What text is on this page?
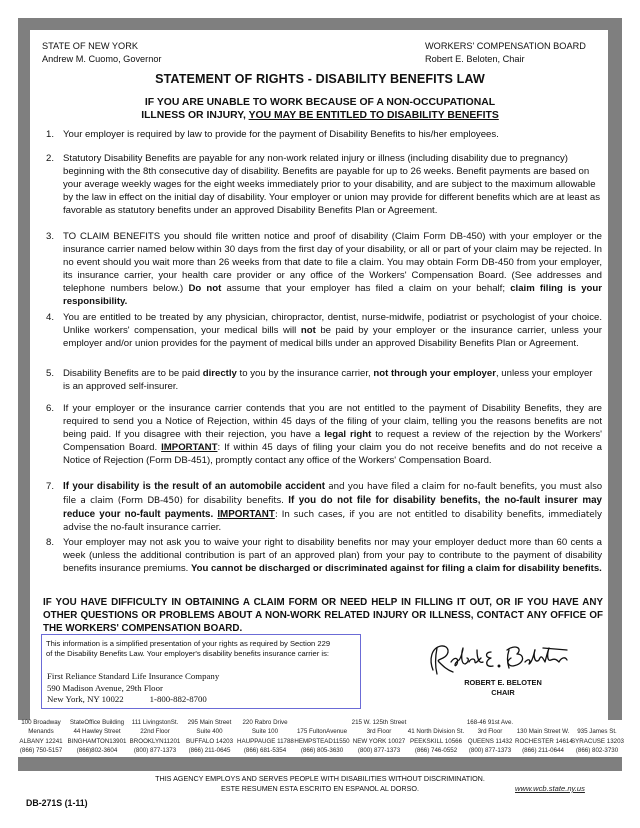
STATE OF NEW YORK
Andrew M. Cuomo, Governor
WORKERS' COMPENSATION BOARD
Robert E. Beloten, Chair
STATEMENT OF RIGHTS - DISABILITY BENEFITS LAW
IF YOU ARE UNABLE TO WORK BECAUSE OF A NON-OCCUPATIONAL
ILLNESS OR INJURY, YOU MAY BE ENTITLED TO DISABILITY BENEFITS
1. Your employer is required by law to provide for the payment of Disability Benefits to his/her employees.
2. Statutory Disability Benefits are payable for any non-work related injury or illness (including disability due to pregnancy) beginning with the 8th consecutive day of disability. Benefits are payable for up to 26 weeks. Benefit payments are based on your average weekly wages for the eight weeks immediately prior to your disability, and are subject to the maximum allowable by the law in effect on the initial day of disability. Your employer or union may provide for different benefits which are at least as favorable as statutory benefits under an approved Disability Benefits Plan or Agreement.
3. TO CLAIM BENEFITS you should file written notice and proof of disability (Claim Form DB-450) with your employer or the insurance carrier named below within 30 days from the first day of your disability, or all or part of your claim may be rejected. In no event should you wait more than 26 weeks from that date to file a claim. You may obtain Form DB-450 from your employer, its insurance carrier, your health care provider or any office of the Workers' Compensation Board. (See addresses and telephone numbers below.) Do not assume that your employer has filed a claim on your behalf; claim filing is your responsibility.
4. You are entitled to be treated by any physician, chiropractor, dentist, nurse-midwife, podiatrist or psychologist of your choice. Unlike workers' compensation, your medical bills will not be paid by your employer or the insurance carrier, unless your employer and/or union provides for the payment of medical bills under an approved Disability Benefits Plan or Agreement.
5. Disability Benefits are to be paid directly to you by the insurance carrier, not through your employer, unless your employer is an approved self-insurer.
6. If your employer or the insurance carrier contends that you are not entitled to the payment of Disability Benefits, they are required to send you a Notice of Rejection, within 45 days of the filing of your claim, telling you the reasons benefits are not being paid. If you disagree with their rejection, you have a legal right to request a review of the rejection by the Workers' Compensation Board. IMPORTANT: If within 45 days of filing your claim you do not receive benefits and do not receive a Notice of Rejection (Form DB-451), promptly contact any office of the Workers' Compensation Board.
7. If your disability is the result of an automobile accident and you have filed a claim for no-fault benefits, you must also file a claim (Form DB-450) for disability benefits. If you do not file for disability benefits, the no-fault insurer may reduce your no-fault payments. IMPORTANT: In such cases, if you are not entitled to disability benefits, immediately advise the no-fault insurance carrier.
8. Your employer may not ask you to waive your right to disability benefits nor may your employer deduct more than 60 cents a week (unless the additional contribution is part of an approved plan) from your pay to contribute to the payment of disability benefits insurance premiums. You cannot be discharged or discriminated against for filing a claim for disability benefits.
IF YOU HAVE DIFFICULTY IN OBTAINING A CLAIM FORM OR NEED HELP IN FILLING IT OUT, OR IF YOU HAVE ANY OTHER QUESTIONS OR PROBLEMS ABOUT A NON-WORK RELATED INJURY OR ILLNESS, CONTACT ANY OFFICE OF THE WORKERS' COMPENSATION BOARD.
This information is a simplified presentation of your rights as required by Section 229
of the Disability Benefits Law. Your employer's disability benefits insurance carrier is:
First Reliance Standard Life Insurance Company
590 Madison Avenue, 29th Floor
New York, NY 10022	1-800-882-8700
ROBERT E. BELOTEN
CHAIR
100 Broadway
Menands
ALBANY 12241
(866) 750-5157
StateOffice Building
44 Hawley Street
BINGHAMTON13901
(866)802-3604
111 LivingstonSt.
22nd Floor
BROOKLYN11201
(800) 877-1373
295 Main Street
Suite 400
BUFFALO 14203
(866) 211-0645
220 Rabro Drive
Suite 100
HAUPPAUGE 11788
(866) 681-5354
175 FultonAvenue
HEMPSTEAD11550
(866) 805-3630
215 W. 125th Street
3rd Floor
NEW YORK 10027
(800) 877-1373
41 North Division St.
PEEKSKILL 10566
(866) 746-0552
168-46 91st Ave.
3rd Floor
QUEENS 11432
(800) 877-1373
130 Main Street W.
ROCHESTER 14614
(866) 211-0644
935 James St.
SYRACUSE 13203
(866) 802-3730
THIS AGENCY EMPLOYS AND SERVES PEOPLE WITH DISABILITIES WITHOUT DISCRIMINATION.
ESTE RESUMEN ESTA ESCRITO EN ESPANOL AL DORSO.	www.wcb.state.ny.us
DB-271S (1-11)
